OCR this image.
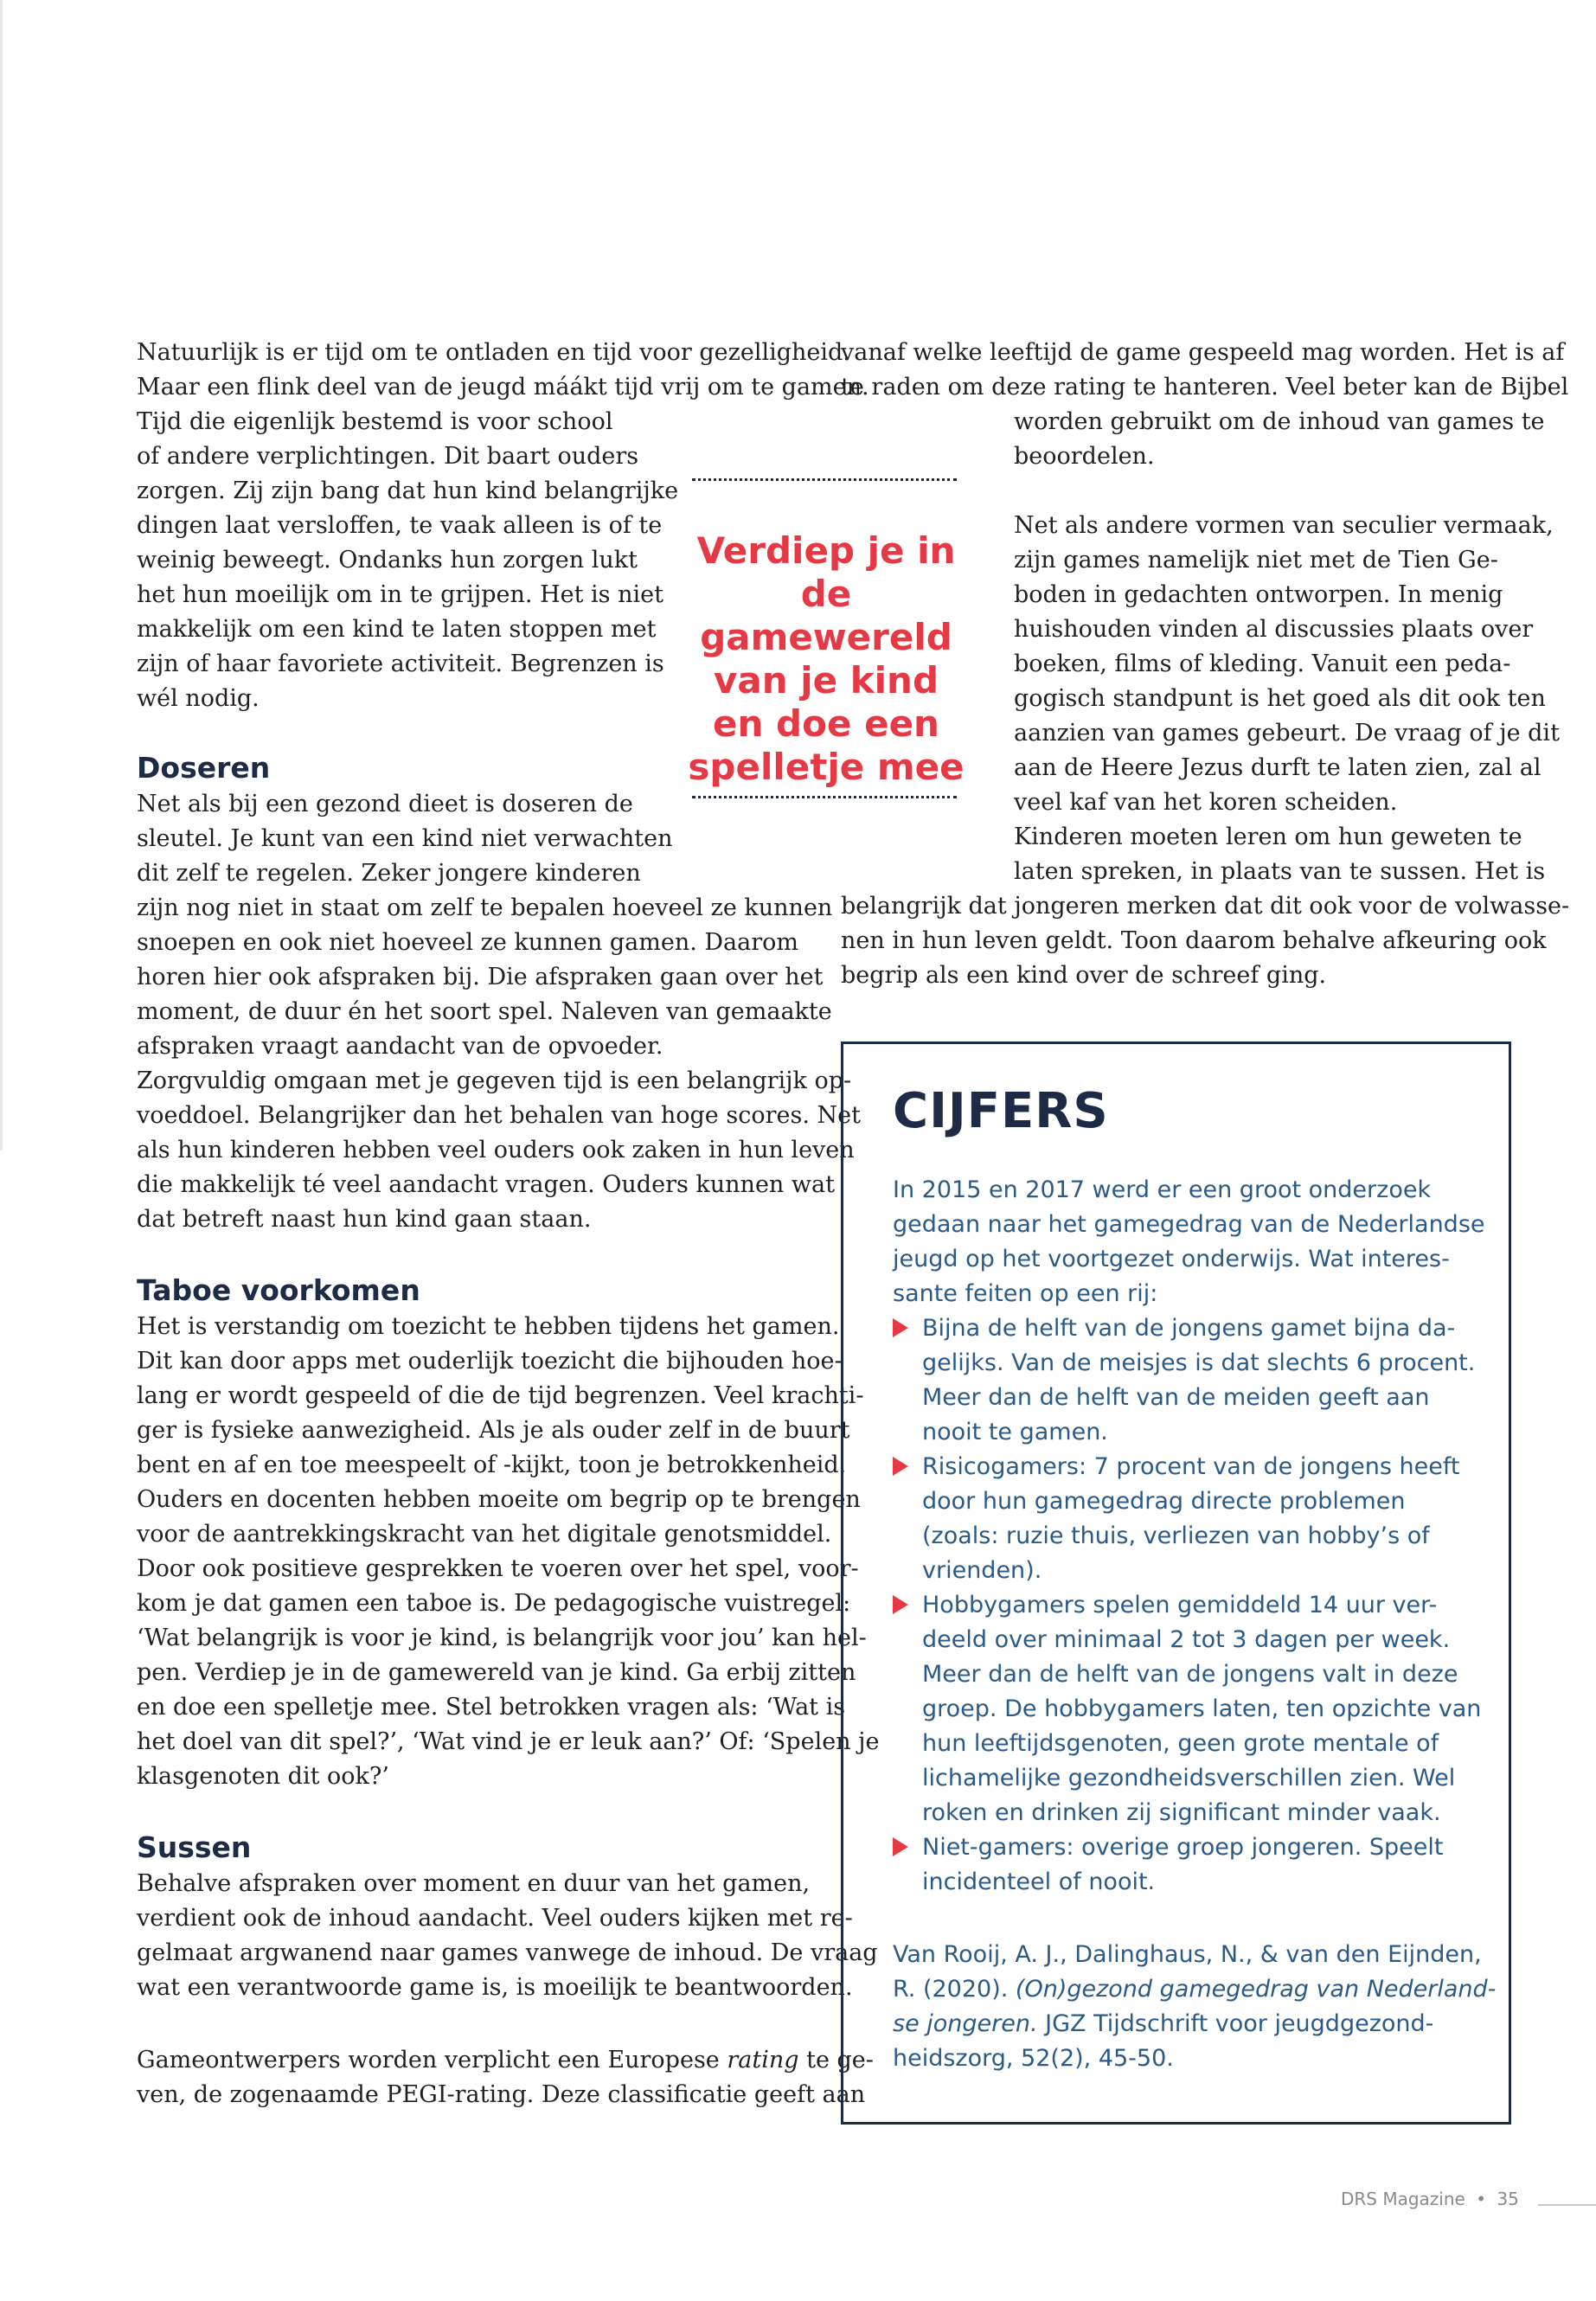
Natuurlijk is er tijd om te ontladen en tijd voor gezelligheid.
Maar een flink deel van de jeugd máákt tijd vrij om te gamen.
Tijd die eigenlijk bestemd is voor school
of andere verplichtingen. Dit baart ouders
zorgen. Zij zijn bang dat hun kind belangrijke
dingen laat versloffen, te vaak alleen is of te
weinig beweegt. Ondanks hun zorgen lukt
het hun moeilijk om in te grijpen. Het is niet
makkelijk om een kind te laten stoppen met
zijn of haar favoriete activiteit. Begrenzen is
wél nodig.
Doseren
Net als bij een gezond dieet is doseren de
sleutel. Je kunt van een kind niet verwachten
dit zelf te regelen. Zeker jongere kinderen
zijn nog niet in staat om zelf te bepalen hoeveel ze kunnen
snoepen en ook niet hoeveel ze kunnen gamen. Daarom
horen hier ook afspraken bij. Die afspraken gaan over het
moment, de duur én het soort spel. Naleven van gemaakte
afspraken vraagt aandacht van de opvoeder.
Zorgvuldig omgaan met je gegeven tijd is een belangrijk op-
voeddoel. Belangrijker dan het behalen van hoge scores. Net
als hun kinderen hebben veel ouders ook zaken in hun leven
die makkelijk té veel aandacht vragen. Ouders kunnen wat
dat betreft naast hun kind gaan staan.
Taboe voorkomen
Het is verstandig om toezicht te hebben tijdens het gamen.
Dit kan door apps met ouderlijk toezicht die bijhouden hoe-
lang er wordt gespeeld of die de tijd begrenzen. Veel krachti-
ger is fysieke aanwezigheid. Als je als ouder zelf in de buurt
bent en af en toe meespeelt of -kijkt, toon je betrokkenheid.
Ouders en docenten hebben moeite om begrip op te brengen
voor de aantrekkingskracht van het digitale genotsmiddel.
Door ook positieve gesprekken te voeren over het spel, voor-
kom je dat gamen een taboe is. De pedagogische vuistregel:
‘Wat belangrijk is voor je kind, is belangrijk voor jou’ kan hel-
pen. Verdiep je in de gamewereld van je kind. Ga erbij zitten
en doe een spelletje mee. Stel betrokken vragen als: ‘Wat is
het doel van dit spel?’, ‘Wat vind je er leuk aan?’ Of: ‘Spelen je
klasgenoten dit ook?’
Sussen
Behalve afspraken over moment en duur van het gamen,
verdient ook de inhoud aandacht. Veel ouders kijken met re-
gelmaat argwanend naar games vanwege de inhoud. De vraag
wat een verantwoorde game is, is moeilijk te beantwoorden.
Gameontwerpers worden verplicht een Europese rating te ge-
ven, de zogenaamde PEGI-rating. Deze classificatie geeft aan
Verdiep je in
de gamewereld
van je kind
en doe een
spelletje mee
vanaf welke leeftijd de game gespeeld mag worden. Het is af
te raden om deze rating te hanteren. Veel beter kan de Bijbel
worden gebruikt om de inhoud van games te
beoordelen.
Net als andere vormen van seculier vermaak,
zijn games namelijk niet met de Tien Ge-
boden in gedachten ontworpen. In menig
huishouden vinden al discussies plaats over
boeken, films of kleding. Vanuit een peda-
gogisch standpunt is het goed als dit ook ten
aanzien van games gebeurt. De vraag of je dit
aan de Heere Jezus durft te laten zien, zal al
veel kaf van het koren scheiden.
Kinderen moeten leren om hun geweten te
laten spreken, in plaats van te sussen. Het is
belangrijk dat jongeren merken dat dit ook voor de volwasse-
nen in hun leven geldt. Toon daarom behalve afkeuring ook
begrip als een kind over de schreef ging.
CIJFERS
In 2015 en 2017 werd er een groot onderzoek
gedaan naar het gamegedrag van de Nederlandse
jeugd op het voortgezet onderwijs. Wat interes-
sante feiten op een rij:
Bijna de helft van de jongens gamet bijna da-
gelijks. Van de meisjes is dat slechts 6 procent.
Meer dan de helft van de meiden geeft aan
nooit te gamen.
Risicogamers: 7 procent van de jongens heeft
door hun gamegedrag directe problemen
(zoals: ruzie thuis, verliezen van hobby’s of
vrienden).
Hobbygamers spelen gemiddeld 14 uur ver-
deeld over minimaal 2 tot 3 dagen per week.
Meer dan de helft van de jongens valt in deze
groep. De hobbygamers laten, ten opzichte van
hun leeftijdsgenoten, geen grote mentale of
lichamelijke gezondheidsverschillen zien. Wel
roken en drinken zij significant minder vaak.
Niet-gamers: overige groep jongeren. Speelt
incidenteel of nooit.
Van Rooij, A. J., Dalinghaus, N., & van den Eijnden,
R. (2020). (On)gezond gamegedrag van Nederland-
se jongeren. JGZ Tijdschrift voor jeugdgezond-
heidszorg, 52(2), 45-50.
DRS Magazine • 35
